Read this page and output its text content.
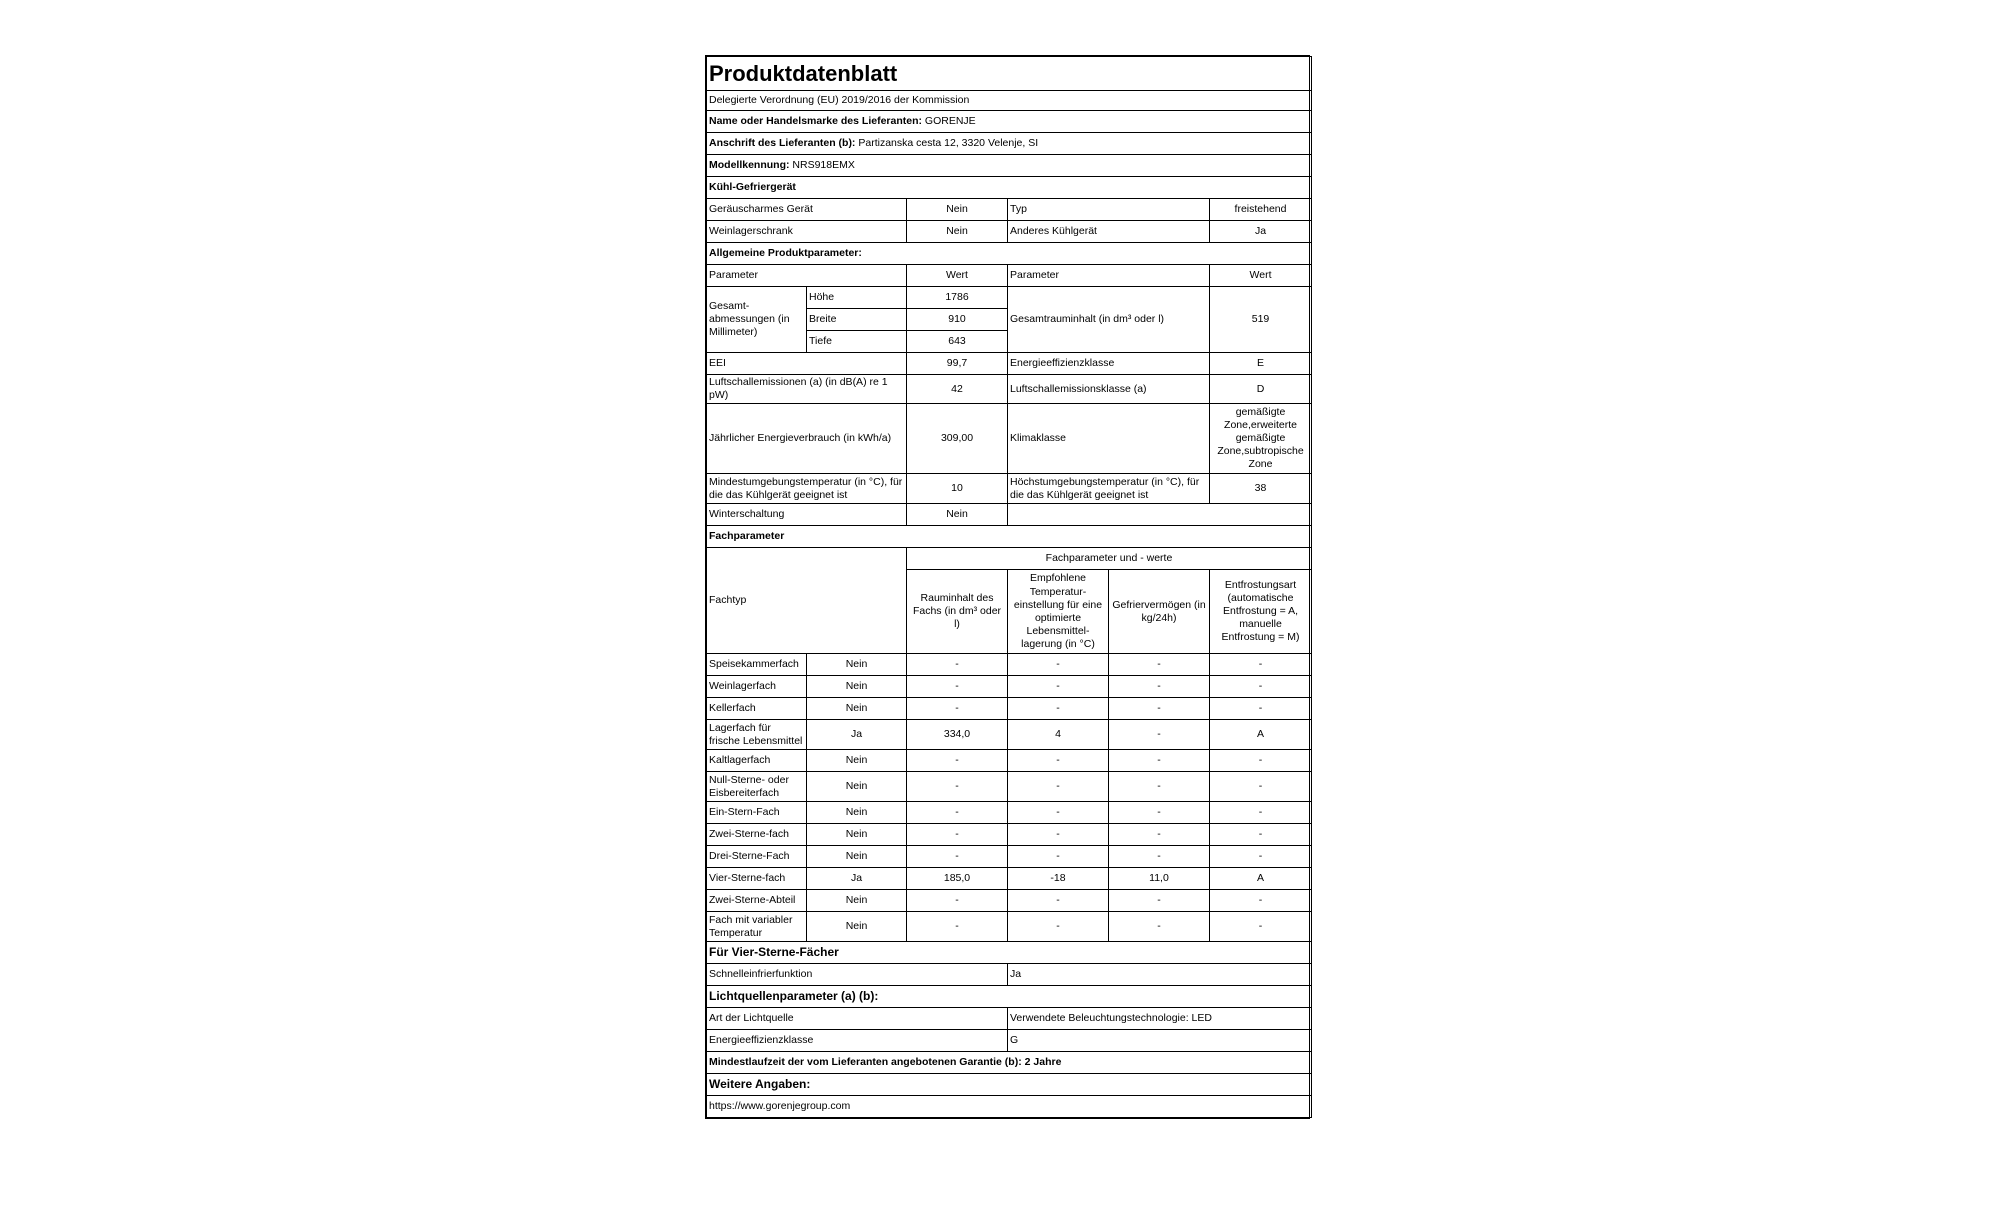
Produktdatenblatt					
Delegierte Verordnung (EU) 2019/2016 der Kommission					
Name oder Handelsmarke des Lieferanten: GORENJE					
Anschrift des Lieferanten (b): Partizanska cesta 12, 3320 Velenje, SI					
Modellkennung: NRS918EMX					
Kühl-Gefriergerät					
Geräuscharmes Gerät		Nein	Typ		freistehend
Weinlagerschrank		Nein	Anderes Kühlgerät		Ja
Allgemeine Produktparameter:					
Parameter		Wert	Parameter		Wert
Gesamt-abmessungen (in Millimeter)	Höhe	1786	Gesamtrauminhalt (in dm³ oder l)		519
	Breite	910			
	Tiefe	643			
EEI		99,7	Energieeffizienzklasse		E
Luftschallemissionen (a) (in dB(A) re 1 pW)		42	Luftschallemissionsklasse (a)		D
Jährlicher Energieverbrauch (in kWh/a)		309,00	Klimaklasse		gemäßigte Zone,erweiterte gemäßigte Zone,subtropische Zone
Mindestumgebungstemperatur (in °C), für die das Kühlgerät geeignet ist		10	Höchstumgebungstemperatur (in °C), für die das Kühlgerät geeignet ist		38
Winterschaltung		Nein			
Fachparameter					
Fachtyp		Fachparameter und - werte			
		Rauminhalt des Fachs (in dm³ oder l)	Empfohlene Temperatur-einstellung für eine optimierte Lebensmittel-lagerung (in °C)	Gefriervermögen (in kg/24h)	Entfrostungsart (automatische Entfrostung = A, manuelle Entfrostung = M)
Speisekammerfach	Nein	-	-	-	-
Weinlagerfach	Nein	-	-	-	-
Kellerfach	Nein	-	-	-	-
Lagerfach für frische Lebensmittel	Ja	334,0	4	-	A
Kaltlagerfach	Nein	-	-	-	-
Null-Sterne- oder Eisbereiterfach	Nein	-	-	-	-
Ein-Stern-Fach	Nein	-	-	-	-
Zwei-Sterne-fach	Nein	-	-	-	-
Drei-Sterne-Fach	Nein	-	-	-	-
Vier-Sterne-fach	Ja	185,0	-18	11,0	A
Zwei-Sterne-Abteil	Nein	-	-	-	-
Fach mit variabler Temperatur	Nein	-	-	-	-
Für Vier-Sterne-Fächer					
Schnelleinfrierfunktion			Ja		
Lichtquellenparameter (a) (b):					
Art der Lichtquelle			Verwendete Beleuchtungstechnologie: LED		
Energieeffizienzklasse			G		
Mindestlaufzeit der vom Lieferanten angebotenen Garantie (b): 2 Jahre					
Weitere Angaben:					
https://www.gorenjegroup.com					
